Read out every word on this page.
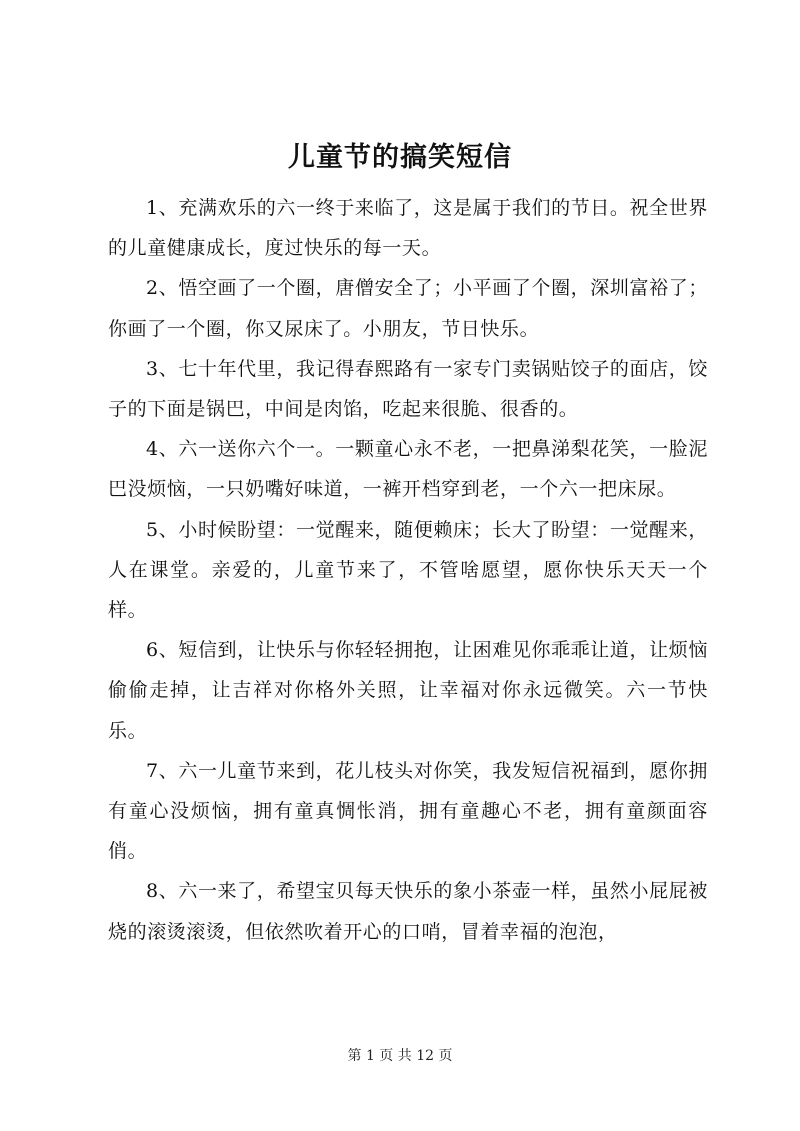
儿童节的搞笑短信

1、充满欢乐的六一终于来临了，这是属于我们的节日。祝全世界的儿童健康成长，度过快乐的每一天。

2、悟空画了一个圈，唐僧安全了；小平画了个圈，深圳富裕了；你画了一个圈，你又尿床了。小朋友，节日快乐。

3、七十年代里，我记得春熙路有一家专门卖锅贴饺子的面店，饺子的下面是锅巴，中间是肉馅，吃起来很脆、很香的。

4、六一送你六个一。一颗童心永不老，一把鼻涕梨花笑，一脸泥巴没烦恼，一只奶嘴好味道，一裤开档穿到老，一个六一把床尿。

5、小时候盼望：一觉醒来，随便赖床；长大了盼望：一觉醒来，人在课堂。亲爱的，儿童节来了，不管啥愿望，愿你快乐天天一个样。

6、短信到，让快乐与你轻轻拥抱，让困难见你乖乖让道，让烦恼偷偷走掉，让吉祥对你格外关照，让幸福对你永远微笑。六一节快乐。

7、六一儿童节来到，花儿枝头对你笑，我发短信祝福到，愿你拥有童心没烦恼，拥有童真惆怅消，拥有童趣心不老，拥有童颜面容俏。

8、六一来了，希望宝贝每天快乐的象小茶壶一样，虽然小屁屁被烧的滚烫滚烫，但依然吹着开心的口哨，冒着幸福的泡泡，

第 1 页 共 12 页
